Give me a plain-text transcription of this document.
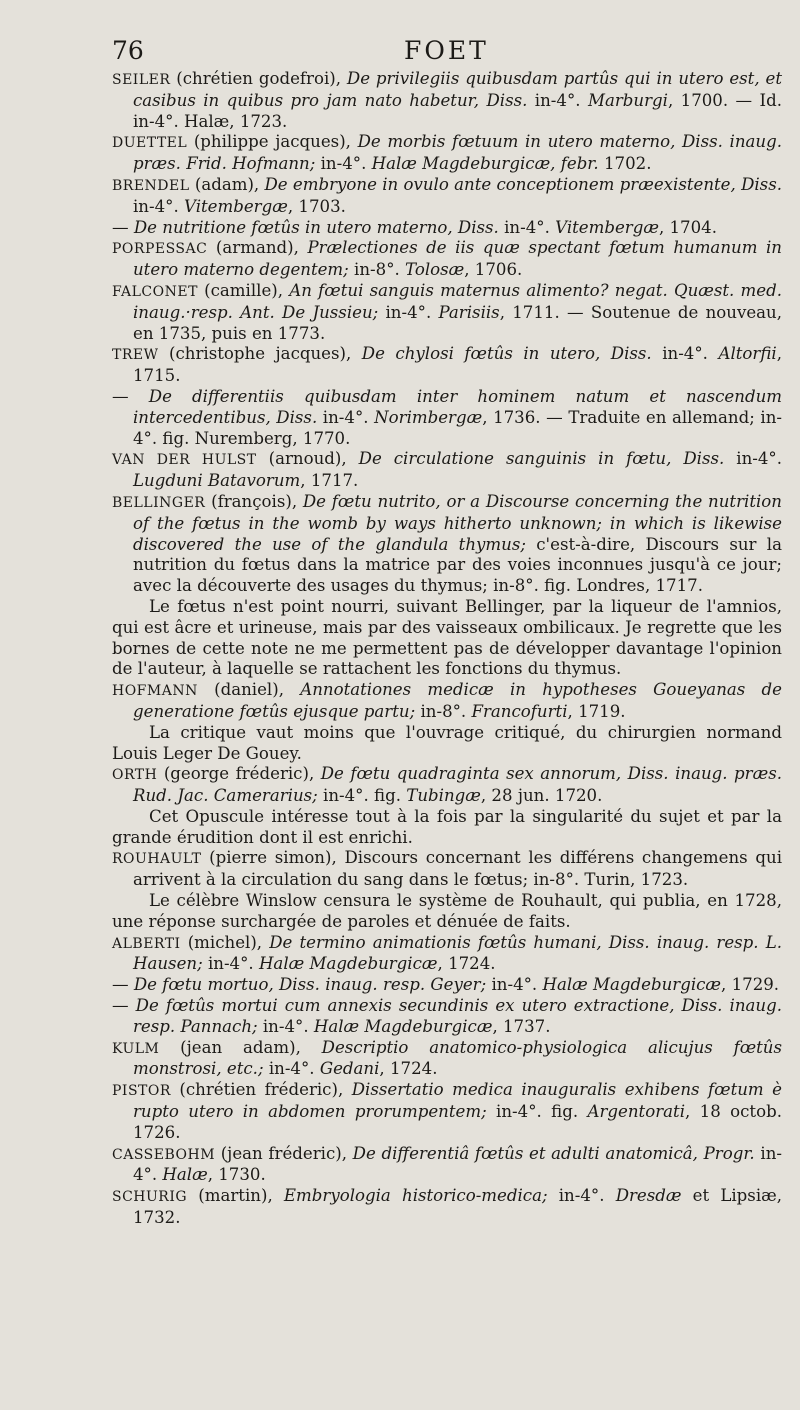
76	FOET

SEILER (chrétien godefroi), De privilegiis quibusdam partûs qui in utero est, et casibus in quibus pro jam nato habetur, Diss. in-4°. Marburgi, 1700. — Id. in-4°. Halæ, 1723.

DUETTEL (philippe jacques), De morbis fœtuum in utero materno, Diss. inaug. præs. Frid. Hofmann; in-4°. Halæ Magdeburgicæ, febr. 1702.

BRENDEL (adam), De embryone in ovulo ante conceptionem præexistente, Diss. in-4°. Vitembergæ, 1703.

— De nutritione fœtûs in utero materno, Diss. in-4°. Vitembergæ, 1704.

PORPESSAC (armand), Prælectiones de iis quæ spectant fœtum humanum in utero materno degentem; in-8°. Tolosæ, 1706.

FALCONET (camille), An fœtui sanguis maternus alimento? negat. Quæst. med. inaug.·resp. Ant. De Jussieu; in-4°. Parisiis, 1711. — Soutenue de nouveau, en 1735, puis en 1773.

TREW (christophe jacques), De chylosi fœtûs in utero, Diss. in-4°. Altorfii, 1715.

— De differentiis quibusdam inter hominem natum et nascendum intercedentibus, Diss. in-4°. Norimbergæ, 1736. — Traduite en allemand; in-4°. fig. Nuremberg, 1770.

VAN DER HULST (arnoud), De circulatione sanguinis in fœtu, Diss. in-4°. Lugduni Batavorum, 1717.

BELLINGER (françois), De fœtu nutrito, or a Discourse concerning the nutrition of the fœtus in the womb by ways hitherto unknown; in which is likewise discovered the use of the glandula thymus; c'est-à-dire, Discours sur la nutrition du fœtus dans la matrice par des voies inconnues jusqu'à ce jour; avec la découverte des usages du thymus; in-8°. fig. Londres, 1717.

Le fœtus n'est point nourri, suivant Bellinger, par la liqueur de l'amnios, qui est âcre et urineuse, mais par des vaisseaux ombilicaux. Je regrette que les bornes de cette note ne me permettent pas de développer davantage l'opinion de l'auteur, à laquelle se rattachent les fonctions du thymus.

HOFMANN (daniel), Annotationes medicæ in hypotheses Goueyanas de generatione fœtûs ejusque partu; in-8°. Francofurti, 1719.

La critique vaut moins que l'ouvrage critiqué, du chirurgien normand Louis Leger De Gouey.

ORTH (george fréderic), De fœtu quadraginta sex annorum, Diss. inaug. præs. Rud. Jac. Camerarius; in-4°. fig. Tubingæ, 28 jun. 1720.

Cet Opuscule intéresse tout à la fois par la singularité du sujet et par la grande érudition dont il est enrichi.

ROUHAULT (pierre simon), Discours concernant les différens changemens qui arrivent à la circulation du sang dans le fœtus; in-8°. Turin, 1723.

Le célèbre Winslow censura le système de Rouhault, qui publia, en 1728, une réponse surchargée de paroles et dénuée de faits.

ALBERTI (michel), De termino animationis fœtûs humani, Diss. inaug. resp. L. Hausen; in-4°. Halæ Magdeburgicæ, 1724.

— De fœtu mortuo, Diss. inaug. resp. Geyer; in-4°. Halæ Magdeburgicæ, 1729.

— De fœtûs mortui cum annexis secundinis ex utero extractione, Diss. inaug. resp. Pannach; in-4°. Halæ Magdeburgicæ, 1737.

KULM (jean adam), Descriptio anatomico-physiologica alicujus fœtûs monstrosi, etc.; in-4°. Gedani, 1724.

PISTOR (chrétien fréderic), Dissertatio medica inauguralis exhibens fœtum è rupto utero in abdomen prorumpentem; in-4°. fig. Argentorati, 18 octob. 1726.

CASSEBOHM (jean fréderic), De differentiâ fœtûs et adulti anatomicâ, Progr. in-4°. Halæ, 1730.

SCHURIG (martin), Embryologia historico-medica; in-4°. Dresdæ et Lipsiæ, 1732.
